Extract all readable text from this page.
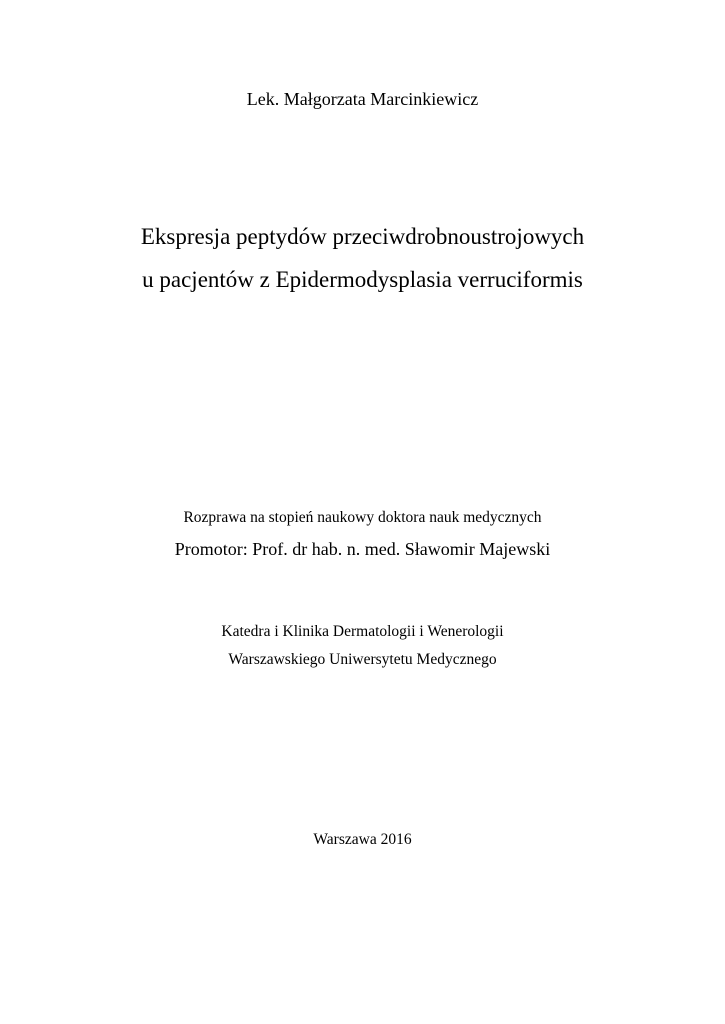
Lek. Małgorzata Marcinkiewicz
Ekspresja peptydów przeciwdrobnoustrojowych
u pacjentów z Epidermodysplasia verruciformis
Rozprawa na stopień naukowy doktora nauk medycznych
Promotor: Prof. dr hab. n. med. Sławomir Majewski
Katedra i Klinika Dermatologii i Wenerologii
Warszawskiego Uniwersytetu Medycznego
Warszawa 2016
